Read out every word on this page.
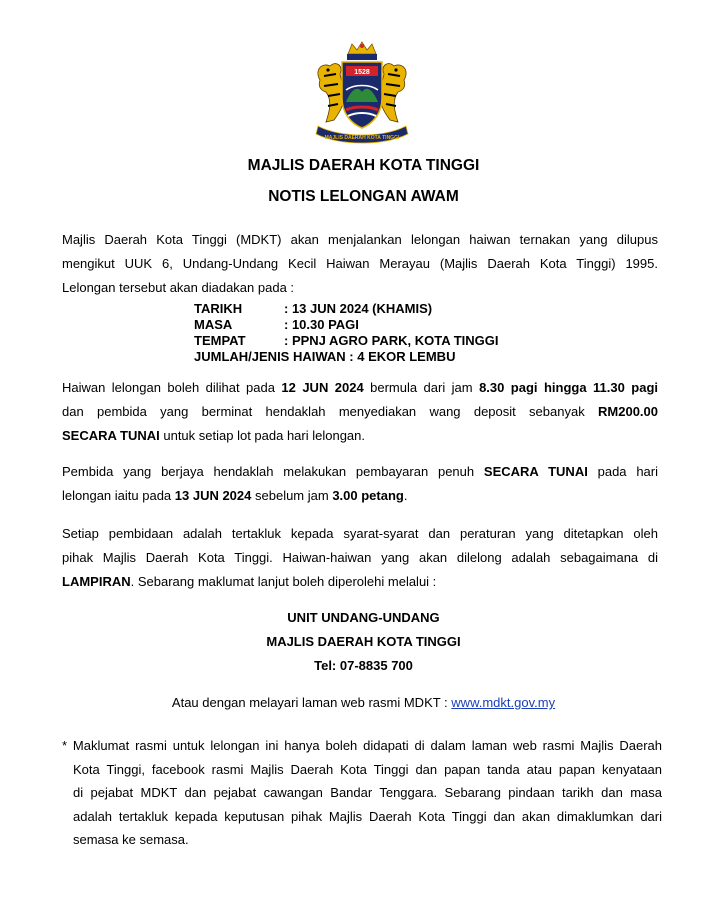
1528
MAJLIS DAERAH KOTA TINGGI
MAJLIS DAERAH KOTA TINGGI
NOTIS LELONGAN AWAM
Majlis Daerah Kota Tinggi (MDKT) akan menjalankan lelongan haiwan ternakan yang dilupus
mengikut UUK 6, Undang-Undang Kecil Haiwan Merayau (Majlis Daerah Kota Tinggi) 1995.
Lelongan tersebut akan diadakan pada :
TARIKH	: 13 JUN 2024 (KHAMIS)
MASA	: 10.30 PAGI
TEMPAT	: PPNJ AGRO PARK, KOTA TINGGI
JUMLAH/JENIS HAIWAN : 4 EKOR LEMBU
Haiwan lelongan boleh dilihat pada 12 JUN 2024 bermula dari jam 8.30 pagi hingga 11.30 pagi
dan pembida yang berminat hendaklah menyediakan wang deposit sebanyak RM200.00
SECARA TUNAI untuk setiap lot pada hari lelongan.
Pembida yang berjaya hendaklah melakukan pembayaran penuh SECARA TUNAI pada hari
lelongan iaitu pada 13 JUN 2024 sebelum jam 3.00 petang.
Setiap pembidaan adalah tertakluk kepada syarat-syarat dan peraturan yang ditetapkan oleh
pihak Majlis Daerah Kota Tinggi. Haiwan-haiwan yang akan dilelong adalah sebagaimana di
LAMPIRAN. Sebarang maklumat lanjut boleh diperolehi melalui :
UNIT UNDANG-UNDANG
MAJLIS DAERAH KOTA TINGGI
Tel: 07-8835 700
Atau dengan melayari laman web rasmi MDKT : www.mdkt.gov.my
* Maklumat rasmi untuk lelongan ini hanya boleh didapati di dalam laman web rasmi Majlis Daerah
Kota Tinggi, facebook rasmi Majlis Daerah Kota Tinggi dan papan tanda atau papan kenyataan
di pejabat MDKT dan pejabat cawangan Bandar Tenggara. Sebarang pindaan tarikh dan masa
adalah tertakluk kepada keputusan pihak Majlis Daerah Kota Tinggi dan akan dimaklumkan dari
semasa ke semasa.
